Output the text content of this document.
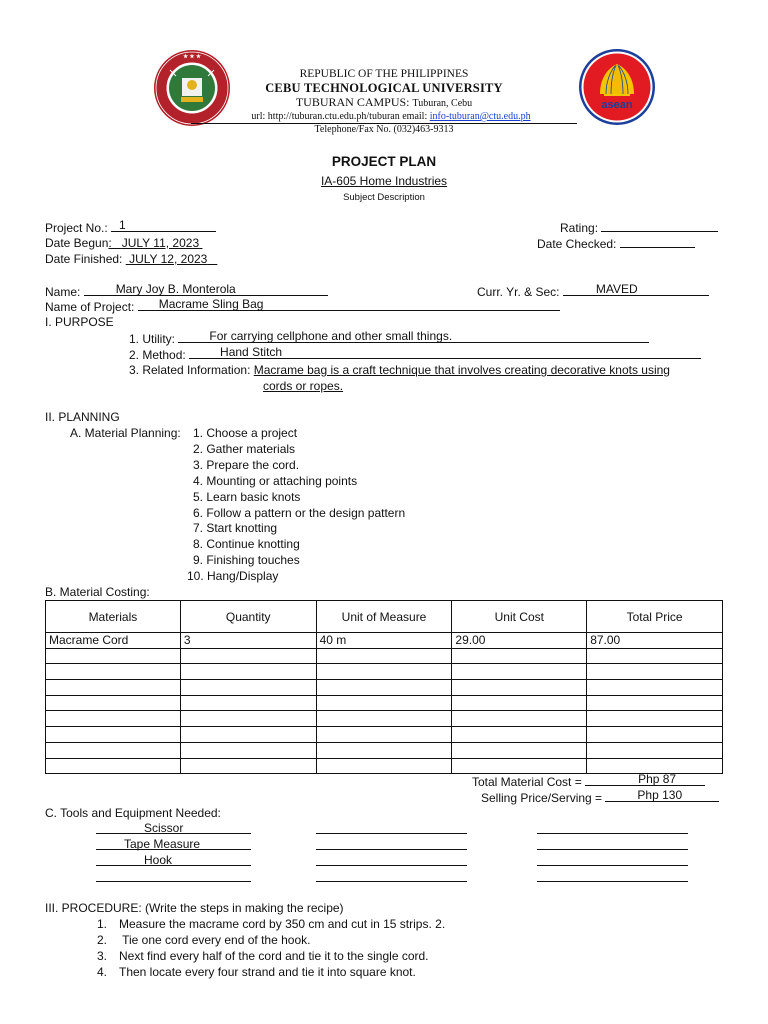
★ ★ ★
asean
REPUBLIC OF THE PHILIPPINES
CEBU TECHNOLOGICAL UNIVERSITY
TUBURAN CAMPUS: Tuburan, Cebu
url: http://tuburan.ctu.edu.ph/tuburan email: info-tuburan@ctu.edu.ph
Telephone/Fax No. (032)463-9313
PROJECT PLAN
IA-605 Home Industries
Subject Description
Project No.: 1	Rating:
Date Begun:   JULY 11, 2023	Date Checked:
Date Finished: JULY 12, 2023
Name:	Mary Joy B. Monterola	Curr. Yr. & Sec:	MAVED
Name of Project: Macrame Sling Bag
I. PURPOSE
1. Utility:	For carrying cellphone and other small things.
2. Method:	Hand Stitch
3. Related Information: Macrame bag is a craft technique that involves creating decorative knots using
cords or ropes.
II. PLANNING
A. Material Planning: 1. Choose a project
2. Gather materials
3. Prepare the cord.
4. Mounting or attaching points
5. Learn basic knots
6. Follow a pattern or the design pattern
7. Start knotting
8. Continue knotting
9. Finishing touches
10. Hang/Display
B. Material Costing:
Materials	Quantity	Unit of Measure	Unit Cost	Total Price
Macrame Cord	3	40 m	29.00	87.00

Total Material Cost =	Php 87
Selling Price/Serving =	Php 130
C. Tools and Equipment Needed:
Scissor
Tape Measure
Hook
III. PROCEDURE: (Write the steps in making the recipe)
1. Measure the macrame cord by 350 cm and cut in 15 strips. 2.
2. Tie one cord every end of the hook.
3. Next find every half of the cord and tie it to the single cord.
4. Then locate every four strand and tie it into square knot.
